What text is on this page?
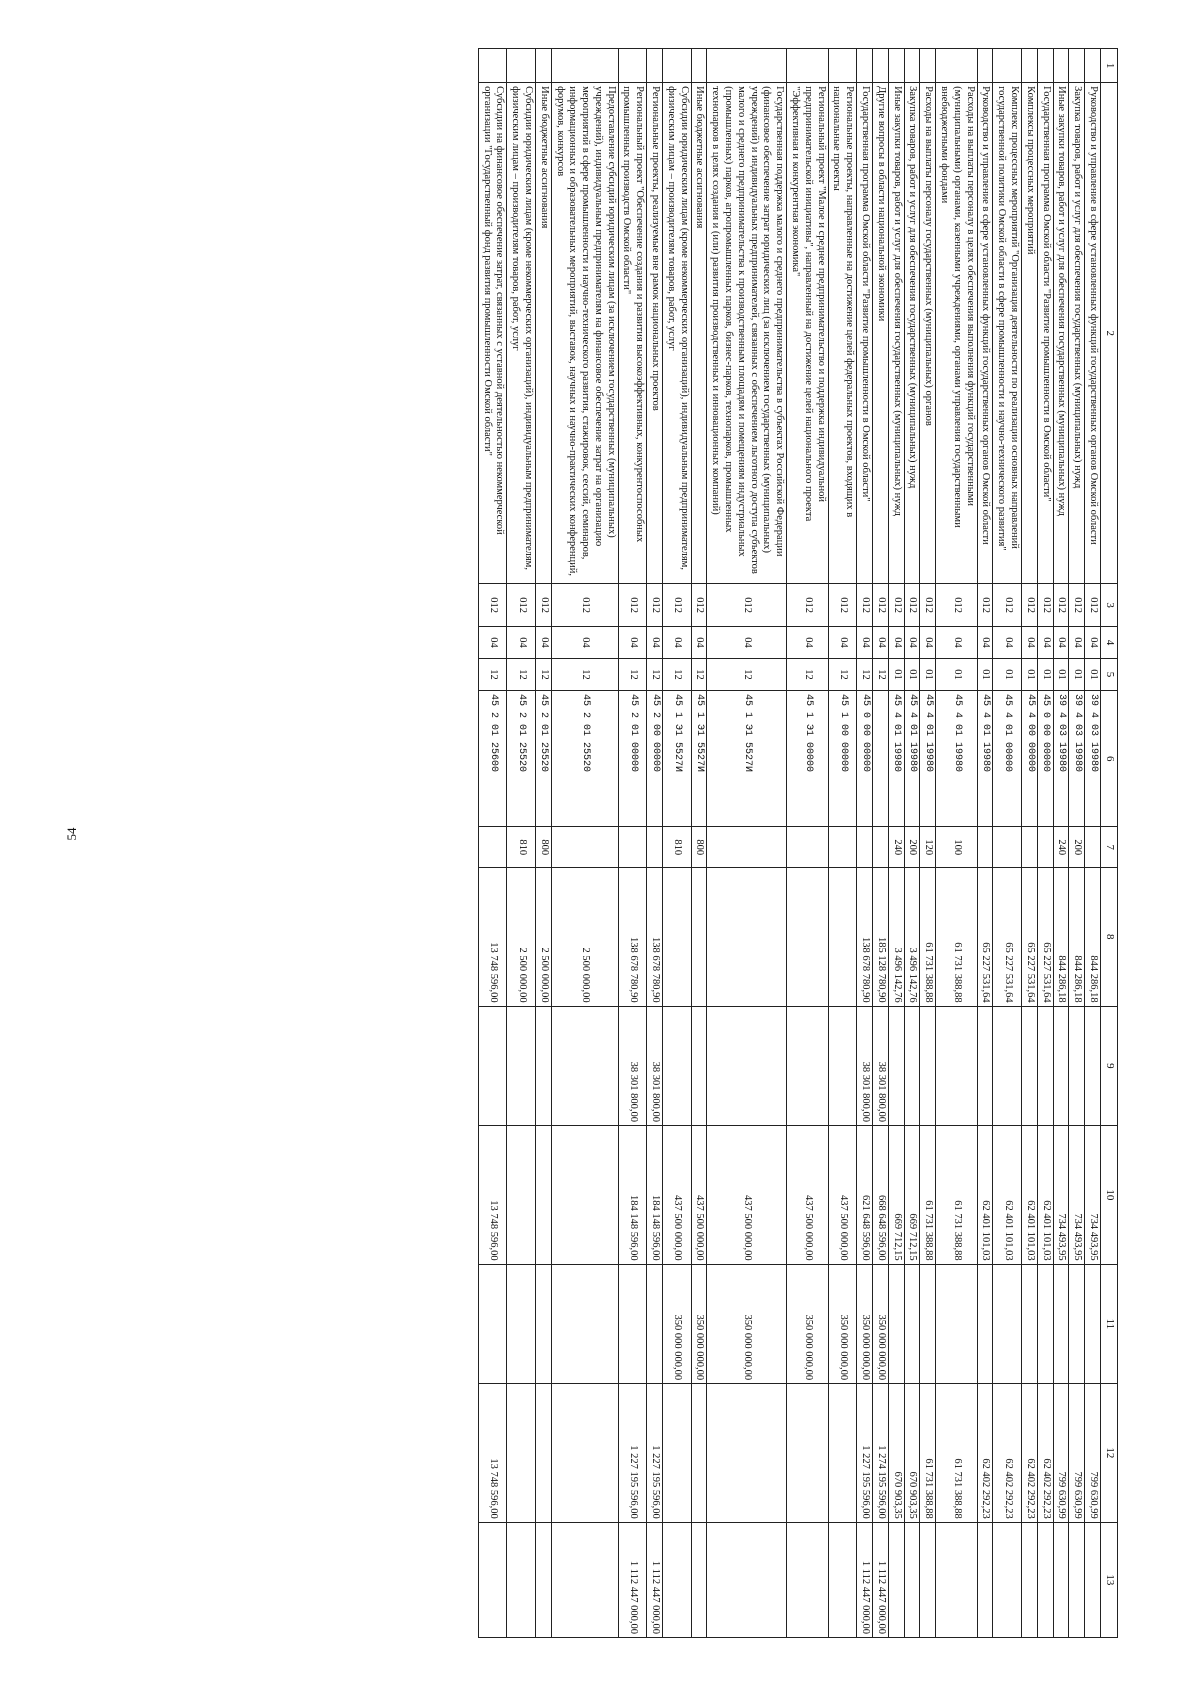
54
1	2	3	4	5	6	7	8	9	10	11	12	13
	Руководство и управление в сфере установленных функций государственных органов Омской области	012	04	01	39 4 03 19980		844 286,18		734 493,95		799 630,99	
	Закупка товаров, работ и услуг для обеспечения государственных (муниципальных) нужд	012	04	01	39 4 03 19980	200	844 286,18		734 493,95		799 630,99	
	Иные закупки товаров, работ и услуг для обеспечения государственных (муниципальных) нужд	012	04	01	39 4 03 19980	240	844 286,18		734 493,95		799 630,99	
	Государственная программа Омской области "Развитие промышленности в Омской области"	012	04	01	45 0 00 00000		65 227 531,64		62 401 101,03		62 402 292,23	
	Комплексы процессных мероприятий	012	04	01	45 4 00 00000		65 227 531,64		62 401 101,03		62 402 292,23	
	Комплекс процессных мероприятий "Организация деятельности по реализации основных направлений государственной политики Омской области в сфере промышленности и научно-технического развития"	012	04	01	45 4 01 00000		65 227 531,64		62 401 101,03		62 402 292,23	
	Руководство и управление в сфере установленных функций государственных органов Омской области	012	04	01	45 4 01 19980		65 227 531,64		62 401 101,03		62 402 292,23	
	Расходы на выплаты персоналу в целях обеспечения выполнения функций государственными (муниципальными) органами, казенными учреждениями, органами управления государственными внебюджетными фондами	012	04	01	45 4 01 19980	100	61 731 388,88		61 731 388,88		61 731 388,88	
	Расходы на выплаты персоналу государственных (муниципальных) органов	012	04	01	45 4 01 19980	120	61 731 388,88		61 731 388,88		61 731 388,88	
	Закупка товаров, работ и услуг для обеспечения государственных (муниципальных) нужд	012	04	01	45 4 01 19980	200	3 496 142,76		669 712,15		670 903,35	
	Иные закупки товаров, работ и услуг для обеспечения государственных (муниципальных) нужд	012	04	01	45 4 01 19980	240	3 496 142,76		669 712,15		670 903,35	
	Другие вопросы в области национальной экономики	012	04	12			185 128 780,90	38 301 800,00	668 648 596,00	350 000 000,00	1 274 195 596,00	1 112 447 000,00
	Государственная программа Омской области "Развитие промышленности в Омской области"	012	04	12	45 0 00 00000		138 678 780,90	38 301 800,00	621 648 596,00	350 000 000,00	1 227 195 596,00	1 112 447 000,00
	Региональные проекты, направленные на достижение целей федеральных проектов, входящих в национальные проекты	012	04	12	45 1 00 00000				437 500 000,00	350 000 000,00		
	Региональный проект "Малое и среднее предпринимательство и поддержка индивидуальной предпринимательской инициативы", направленный на достижение целей национального проекта "Эффективная и конкурентная экономика"	012	04	12	45 1 Э1 00000				437 500 000,00	350 000 000,00		
	Государственная поддержка малого и среднего предпринимательства в субъектах Российской Федерации (финансовое обеспечение затрат юридических лиц (за исключением государственных (муниципальных) учреждений) и индивидуальных предпринимателей, связанных с обеспечением льготного доступа субъектов малого и среднего предпринимательства к производственным площадям и помещениям индустриальных (промышленных) парков, агропромышленных парков, бизнес-парков, технопарков, промышленных технопарков в целях создания и (или) развития производственных и инновационных компаний)	012	04	12	45 1 Э1 5527И				437 500 000,00	350 000 000,00		
	Иные бюджетные ассигнования	012	04	12	45 1 Э1 5527И	800			437 500 000,00	350 000 000,00		
	Субсидии юридическим лицам (кроме некоммерческих организаций), индивидуальным предпринимателям, физическим лицам – производителям товаров, работ, услуг	012	04	12	45 1 Э1 5527И	810			437 500 000,00	350 000 000,00		
	Региональные проекты, реализуемые вне рамок национальных проектов	012	04	12	45 2 00 00000		138 678 780,90	38 301 800,00	184 148 596,00		1 227 195 596,00	1 112 447 000,00
	Региональный проект "Обеспечение создания и развития высокоэффективных, конкурентоспособных промышленных производств Омской области"	012	04	12	45 2 01 00000		138 678 780,90	38 301 800,00	184 148 596,00		1 227 195 596,00	1 112 447 000,00
	Предоставление субсидий юридическим лицам (за исключением государственных (муниципальных) учреждений), индивидуальным предпринимателям на финансовое обеспечение затрат на организацию мероприятий в сфере промышленности и научно-технического развития, стажировок, сессий, семинаров, информационных и образовательных мероприятий, выставок, научных и научно-практических конференций, форумов, конкурсов	012	04	12	45 2 01 25520		2 500 000,00					
	Иные бюджетные ассигнования	012	04	12	45 2 01 25520	800	2 500 000,00					
	Субсидии юридическим лицам (кроме некоммерческих организаций), индивидуальным предпринимателям, физическим лицам – производителям товаров, работ, услуг	012	04	12	45 2 01 25520	810	2 500 000,00					
	Субсидии на финансовое обеспечение затрат, связанных с уставной деятельностью некоммерческой организации "Государственный фонд развития промышленности Омской области"	012	04	12	45 2 01 25600		13 748 596,00		13 748 596,00		13 748 596,00	
